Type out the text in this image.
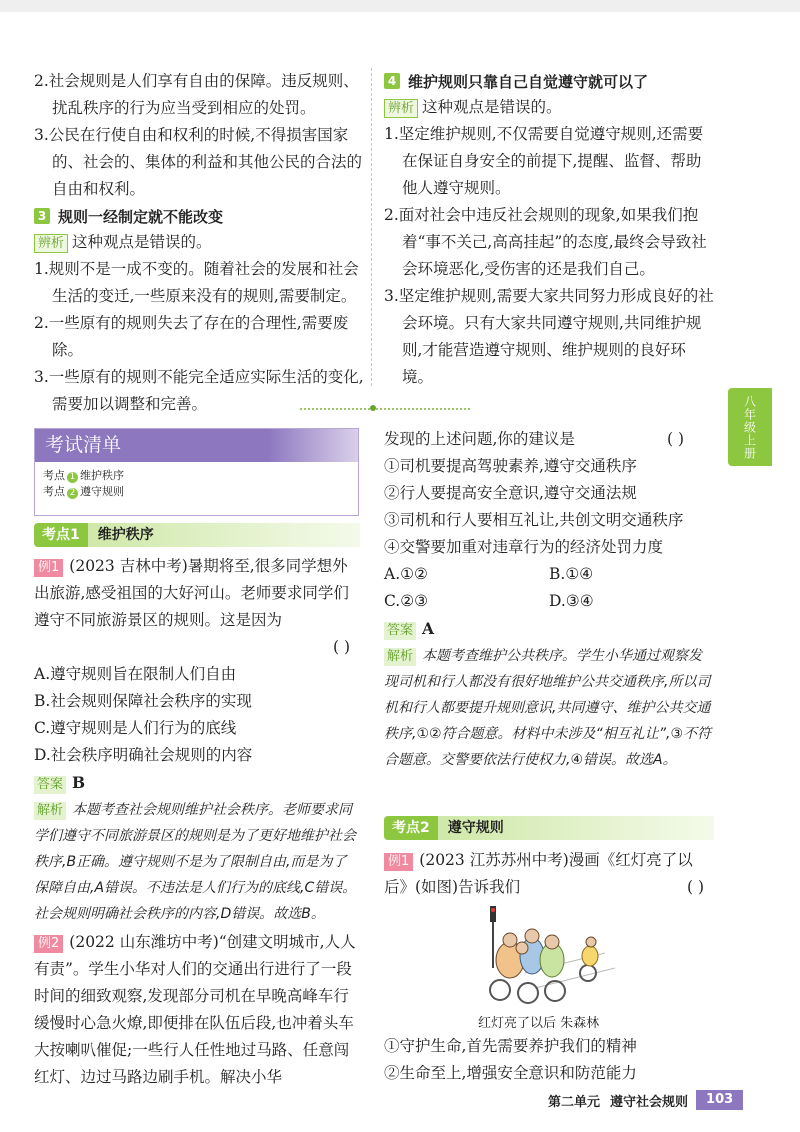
2.社会规则是人们享有自由的保障。违反规则、扰乱秩序的行为应当受到相应的处罚。

3.公民在行使自由和权利的时候,不得损害国家的、社会的、集体的利益和其他公民的合法的自由和权利。

3 规则一经制定就不能改变

辨析 这种观点是错误的。

1.规则不是一成不变的。随着社会的发展和社会生活的变迁,一些原来没有的规则,需要制定。

2.一些原有的规则失去了存在的合理性,需要废除。

3.一些原有的规则不能完全适应实际生活的变化,需要加以调整和完善。

4 维护规则只靠自己自觉遵守就可以了

辨析 这种观点是错误的。

1.坚定维护规则,不仅需要自觉遵守规则,还需要在保证自身安全的前提下,提醒、监督、帮助他人遵守规则。

2.面对社会中违反社会规则的现象,如果我们抱着“事不关己,高高挂起”的态度,最终会导致社会环境恶化,受伤害的还是我们自己。

3.坚定维护规则,需要大家共同努力形成良好的社会环境。只有大家共同遵守规则,共同维护规则,才能营造遵守规则、维护规则的良好环境。

八年级上册
考试清单
考点 1 维护秩序
考点 2 遵守规则
考点1	维护秩序

例1 (2023 吉林中考)暑期将至,很多同学想外出旅游,感受祖国的大好河山。老师要求同学们遵守不同旅游景区的规则。这是因为

( )

A.遵守规则旨在限制人们自由

B.社会规则保障社会秩序的实现

C.遵守规则是人们行为的底线

D.社会秩序明确社会规则的内容

答案 B

解析 本题考查社会规则维护社会秩序。老师要求同学们遵守不同旅游景区的规则是为了更好地维护社会秩序,B正确。遵守规则不是为了限制自由,而是为了保障自由,A错误。不违法是人们行为的底线,C错误。社会规则明确社会秩序的内容,D错误。故选B。

例2 (2022 山东潍坊中考)“创建文明城市,人人有责”。学生小华对人们的交通出行进行了一段时间的细致观察,发现部分司机在早晚高峰车行缓慢时心急火燎,即便排在队伍后段,也冲着头车大按喇叭催促;一些行人任性地过马路、任意闯红灯、边过马路边刷手机。解决小华

发现的上述问题,你的建议是	( )

①司机要提高驾驶素养,遵守交通秩序

②行人要提高安全意识,遵守交通法规

③司机和行人要相互礼让,共创文明交通秩序

④交警要加重对违章行为的经济处罚力度

A.①②	B.①④
C.②③	D.③④

答案 A

解析 本题考查维护公共秩序。学生小华通过观察发现司机和行人都没有很好地维护公共交通秩序,所以司机和行人都要提升规则意识,共同遵守、维护公共交通秩序,①②符合题意。材料中未涉及“相互礼让”,③不符合题意。交警要依法行使权力,④错误。故选A。

考点2	遵守规则

例1 (2023 江苏苏州中考)漫画《红灯亮了以后》(如图)告诉我们	( )

红灯亮了以后 朱森林

①守护生命,首先需要养护我们的精神

②生命至上,增强安全意识和防范能力

第二单元 遵守社会规则	103
